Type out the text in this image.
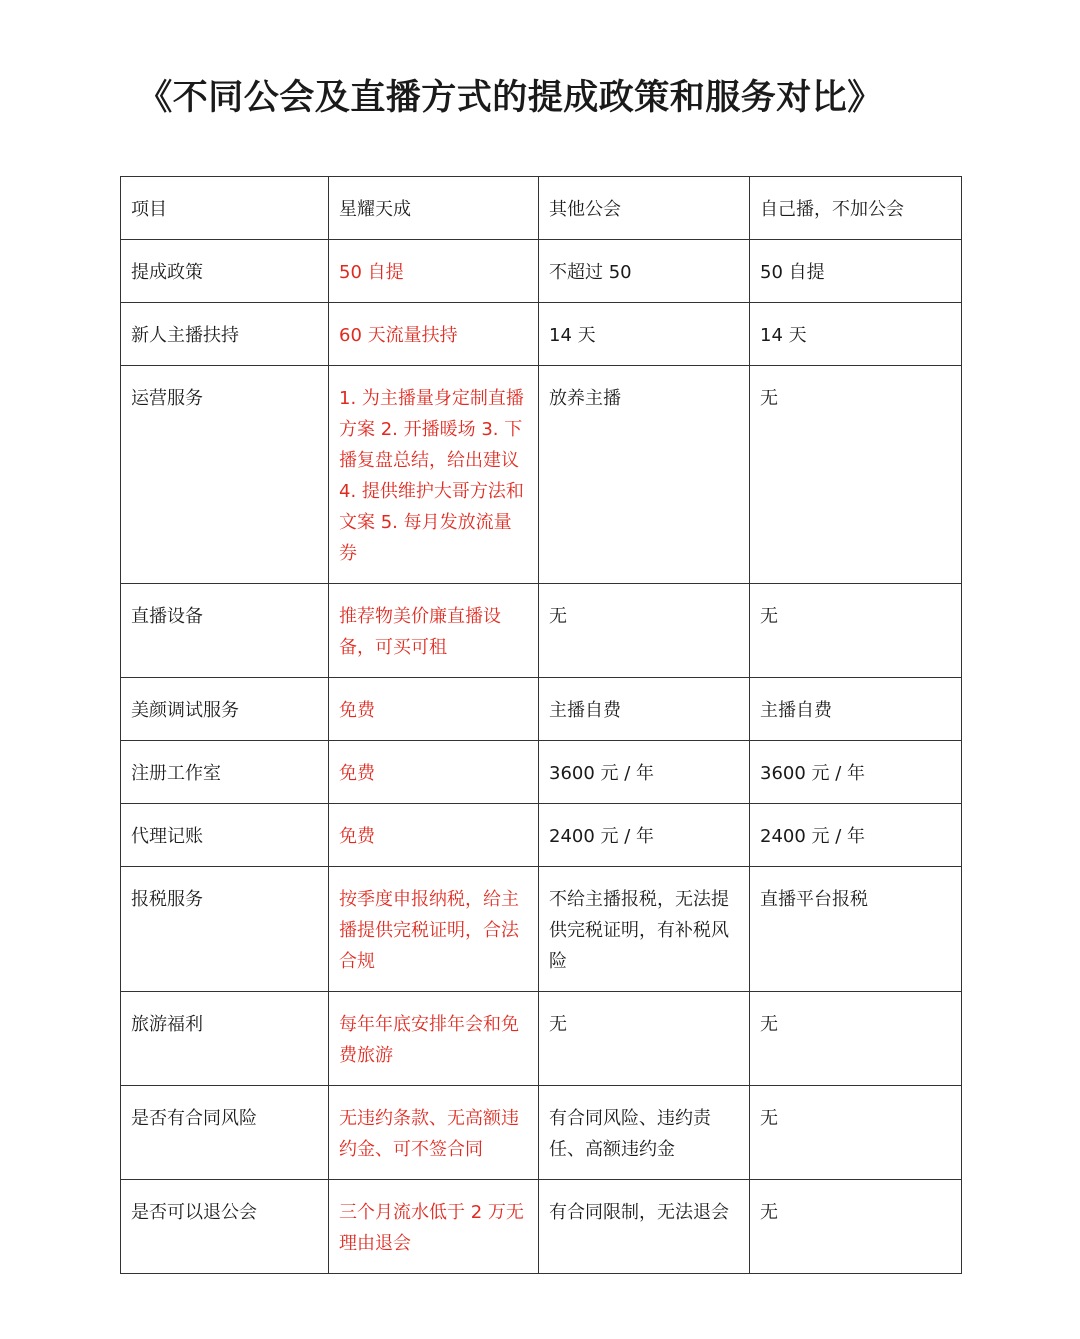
《不同公会及直播方式的提成政策和服务对比》
项目	星耀天成	其他公会	自己播，不加公会
提成政策	50 自提	不超过 50	50 自提
新人主播扶持	60 天流量扶持	14 天	14 天
运营服务	1. 为主播量身定制直播方案 2. 开播暖场 3. 下播复盘总结，给出建议 4. 提供维护大哥方法和文案 5. 每月发放流量券	放养主播	无
直播设备	推荐物美价廉直播设备，可买可租	无	无
美颜调试服务	免费	主播自费	主播自费
注册工作室	免费	3600 元 / 年	3600 元 / 年
代理记账	免费	2400 元 / 年	2400 元 / 年
报税服务	按季度申报纳税，给主播提供完税证明，合法合规	不给主播报税，无法提供完税证明，有补税风险	直播平台报税
旅游福利	每年年底安排年会和免费旅游	无	无
是否有合同风险	无违约条款、无高额违约金、可不签合同	有合同风险、违约责任、高额违约金	无
是否可以退公会	三个月流水低于 2 万无理由退会	有合同限制，无法退会	无
